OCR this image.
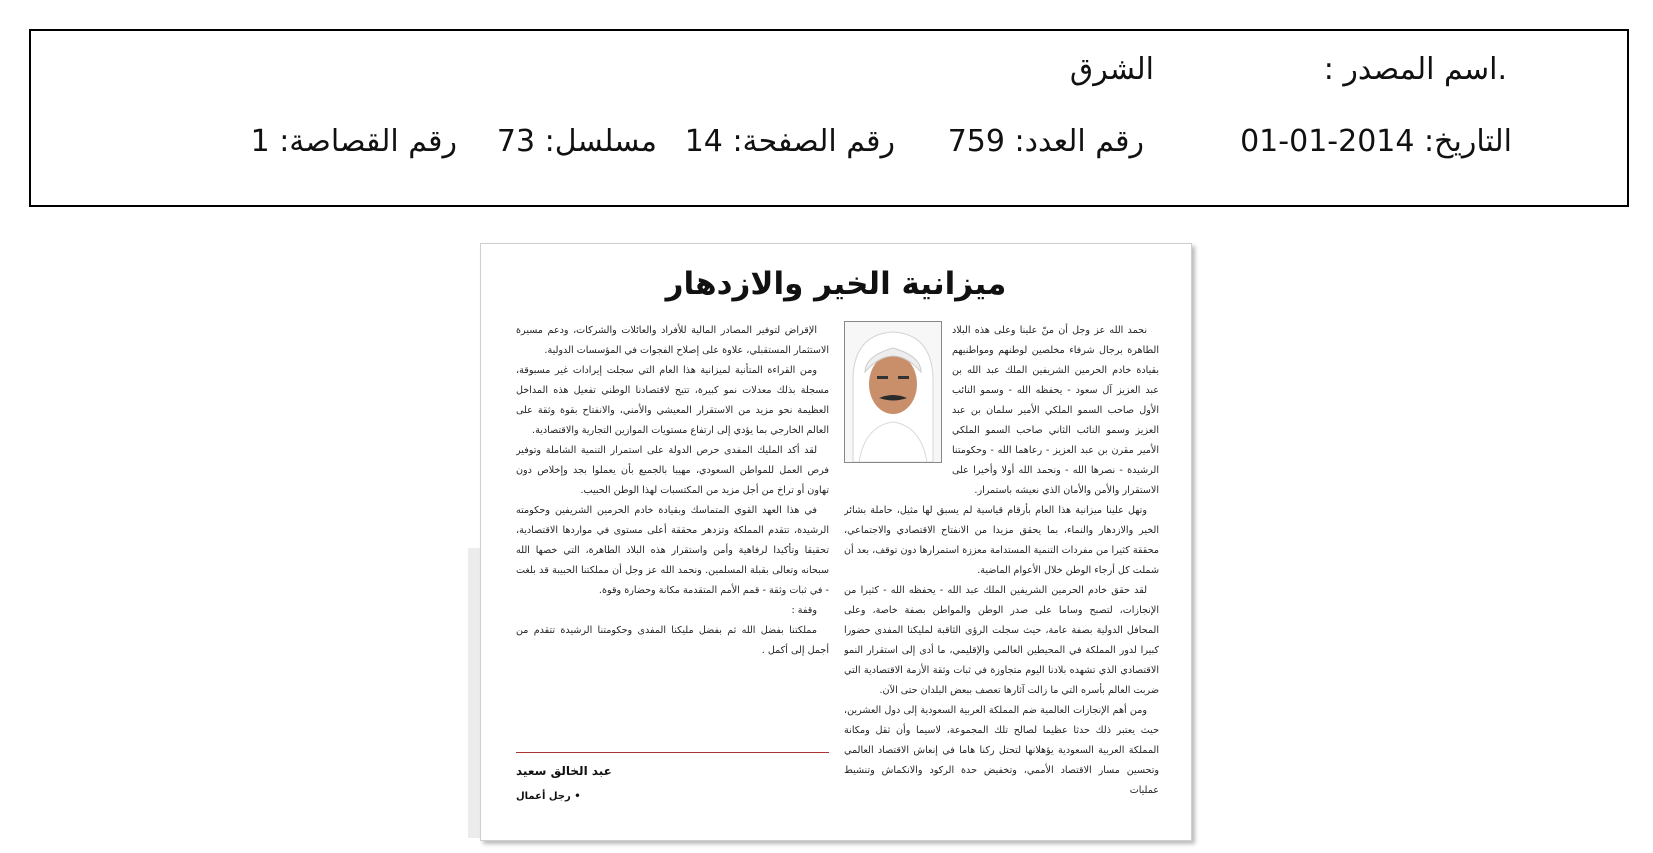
.اسم المصدر :
الشرق
التاريخ: 2014-01-01
رقم العدد: 759
رقم الصفحة: 14
مسلسل: 73
رقم القصاصة: 1
ميزانية الخير والازدهار

نحمد الله عز وجل أن منّ علينا وعلى هذه البلاد الطاهرة برجال شرفاء مخلصين لوطنهم ومواطنيهم بقيادة خادم الحرمين الشريفين الملك عبد الله بن عبد العزيز آل سعود - يحفظه الله - وسمو النائب الأول صاحب السمو الملكي الأمير سلمان بن عبد العزيز وسمو النائب الثاني صاحب السمو الملكي الأمير مقرن بن عبد العزيز - رعاهما الله - وحكومتنا الرشيدة - نصرها الله - ونحمد الله أولا وأخيرا على الاستقرار والأمن والأمان الذي نعيشه باستمرار.

وتهل علينا ميزانية هذا العام بأرقام قياسية لم يسبق لها مثيل، حاملة بشائر الخير والازدهار والنماء، بما يحقق مزيدا من الانفتاح الاقتصادي والاجتماعي، محققة كثيرا من مفردات التنمية المستدامة معززة استمرارها دون توقف، بعد أن شملت كل أرجاء الوطن خلال الأعوام الماضية.

لقد حقق خادم الحرمين الشريفين الملك عبد الله - يحفظه الله - كثيرا من الإنجازات، لتصبح وساما على صدر الوطن والمواطن بصفة خاصة، وعلى المحافل الدولية بصفة عامة، حيث سجلت الرؤى الثاقبة لمليكنا المفدى حضورا كبيرا لدور المملكة في المحيطين العالمي والإقليمي، ما أدى إلى استقرار النمو الاقتصادي الذي تشهده بلادنا اليوم متجاوزة في ثبات وثقة الأزمة الاقتصادية التي ضربت العالم بأسره التي ما زالت آثارها تعصف ببعض البلدان حتى الآن.

ومن أهم الإنجازات العالمية ضم المملكة العربية السعودية إلى دول العشرين، حيث يعتبر ذلك حدثا عظيما لصالح تلك المجموعة، لاسيما وأن ثقل ومكانة المملكة العربية السعودية يؤهلانها لتحتل ركنا هاما في إنعاش الاقتصاد العالمي وتحسين مسار الاقتصاد الأممي، وتخفيض حدة الركود والانكماش وتنشيط عمليات

الإقراض لتوفير المصادر المالية للأفراد والعائلات والشركات، ودعم مسيرة الاستثمار المستقبلي، علاوة على إصلاح الفجوات في المؤسسات الدولية.

ومن القراءة المتأنية لميزانية هذا العام التي سجلت إيرادات غير مسبوقة، مسجلة بذلك معدلات نمو كبيرة، تتيح لاقتصادنا الوطني تفعيل هذه المداخل العظيمة نحو مزيد من الاستقرار المعيشي والأمني، والانفتاح بقوة وثقة على العالم الخارجي بما يؤدي إلى ارتفاع مستويات الموازين التجارية والاقتصادية.

لقد أكد المليك المفدى حرص الدولة على استمرار التنمية الشاملة وتوفير فرص العمل للمواطن السعودي، مهيبا بالجميع بأن يعملوا بجد وإخلاص دون تهاون أو تراخ من أجل مزيد من المكتسبات لهذا الوطن الحبيب.

في هذا العهد القوي المتماسك وبقيادة خادم الحرمين الشريفين وحكومته الرشيدة، تتقدم المملكة وتزدهر محققة أعلى مستوى في مواردها الاقتصادية، تحقيقا وتأكيدا لرفاهية وأمن واستقرار هذه البلاد الطاهرة، التي خصها الله سبحانه وتعالى بقبلة المسلمين. ونحمد الله عز وجل أن مملكتنا الحبيبة قد بلغت - في ثبات وثقة - قمم الأمم المتقدمة مكانة وحضارة وقوة.

وقفة :

مملكتنا بفضل الله ثم بفضل مليكنا المفدى وحكومتنا الرشيدة تتقدم من أجمل إلى أكمل .

عبد الخالق سعيد
• رجل أعمال
